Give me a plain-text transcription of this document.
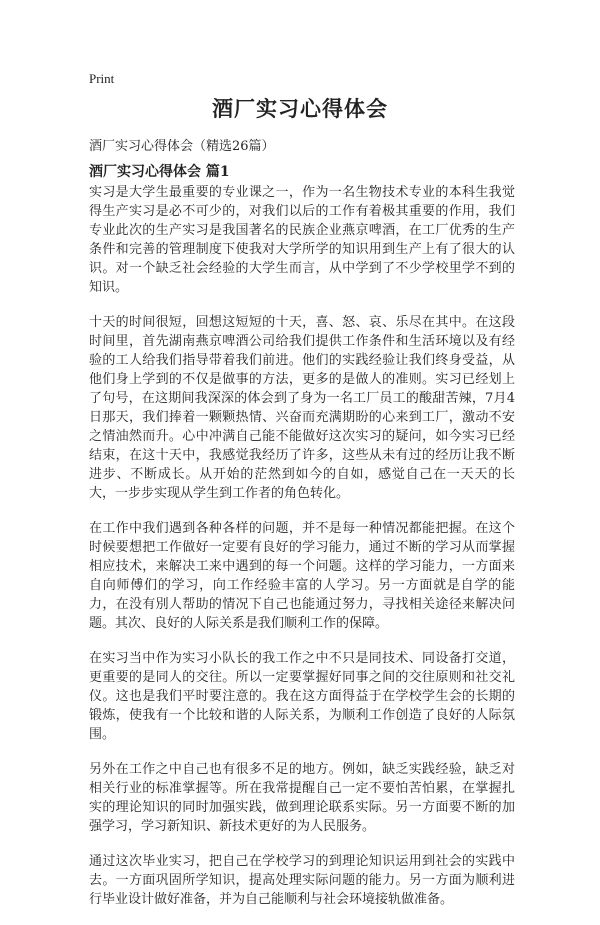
Print
酒厂实习心得体会

酒厂实习心得体会（精选26篇）

酒厂实习心得体会 篇1

实习是大学生最重要的专业课之一，作为一名生物技术专业的本科生我觉得生产实习是必不可少的，对我们以后的工作有着极其重要的作用，我们专业此次的生产实习是我国著名的民族企业燕京啤酒，在工厂优秀的生产条件和完善的管理制度下使我对大学所学的知识用到生产上有了很大的认识。对一个缺乏社会经验的大学生而言，从中学到了不少学校里学不到的知识。

十天的时间很短，回想这短短的十天，喜、怒、哀、乐尽在其中。在这段时间里，首先湖南燕京啤酒公司给我们提供工作条件和生活环境以及有经验的工人给我们指导带着我们前进。他们的实践经验让我们终身受益，从他们身上学到的不仅是做事的方法，更多的是做人的准则。实习已经划上了句号，在这期间我深深的体会到了身为一名工厂员工的酸甜苦辣，7月4日那天，我们捧着一颗颗热情、兴奋而充满期盼的心来到工厂，激动不安之情油然而升。心中冲满自己能不能做好这次实习的疑问，如今实习已经结束，在这十天中，我感觉我经历了许多，这些从未有过的经历让我不断进步、不断成长。从开始的茫然到如今的自如，感觉自己在一天天的长大，一步步实现从学生到工作者的角色转化。

在工作中我们遇到各种各样的问题，并不是每一种情况都能把握。在这个时候要想把工作做好一定要有良好的学习能力，通过不断的学习从而掌握相应技术，来解决工来中遇到的每一个问题。这样的学习能力，一方面来自向师傅们的学习，向工作经验丰富的人学习。另一方面就是自学的能力，在没有別人帮助的情况下自己也能通过努力，寻找相关途径来解决问题。其次、良好的人际关系是我们顺利工作的保障。

在实习当中作为实习小队长的我工作之中不只是同技术、同设备打交道，更重要的是同人的交往。所以一定要掌握好同事之间的交往原则和社交礼仪。这也是我们平时要注意的。我在这方面得益于在学校学生会的长期的锻炼，使我有一个比较和谐的人际关系，为顺利工作创造了良好的人际氛围。

另外在工作之中自己也有很多不足的地方。例如，缺乏实践经验，缺乏对相关行业的标准掌握等。所在我常提醒自己一定不要怕苦怕累，在掌握扎实的理论知识的同时加强实践，做到理论联系实际。另一方面要不断的加强学习，学习新知识、新技术更好的为人民服务。

通过这次毕业实习，把自己在学校学习的到理论知识运用到社会的实践中去。一方面巩固所学知识，提高处理实际问题的能力。另一方面为顺利进行毕业设计做好准备，并为自己能顺利与社会环境接轨做准备。
